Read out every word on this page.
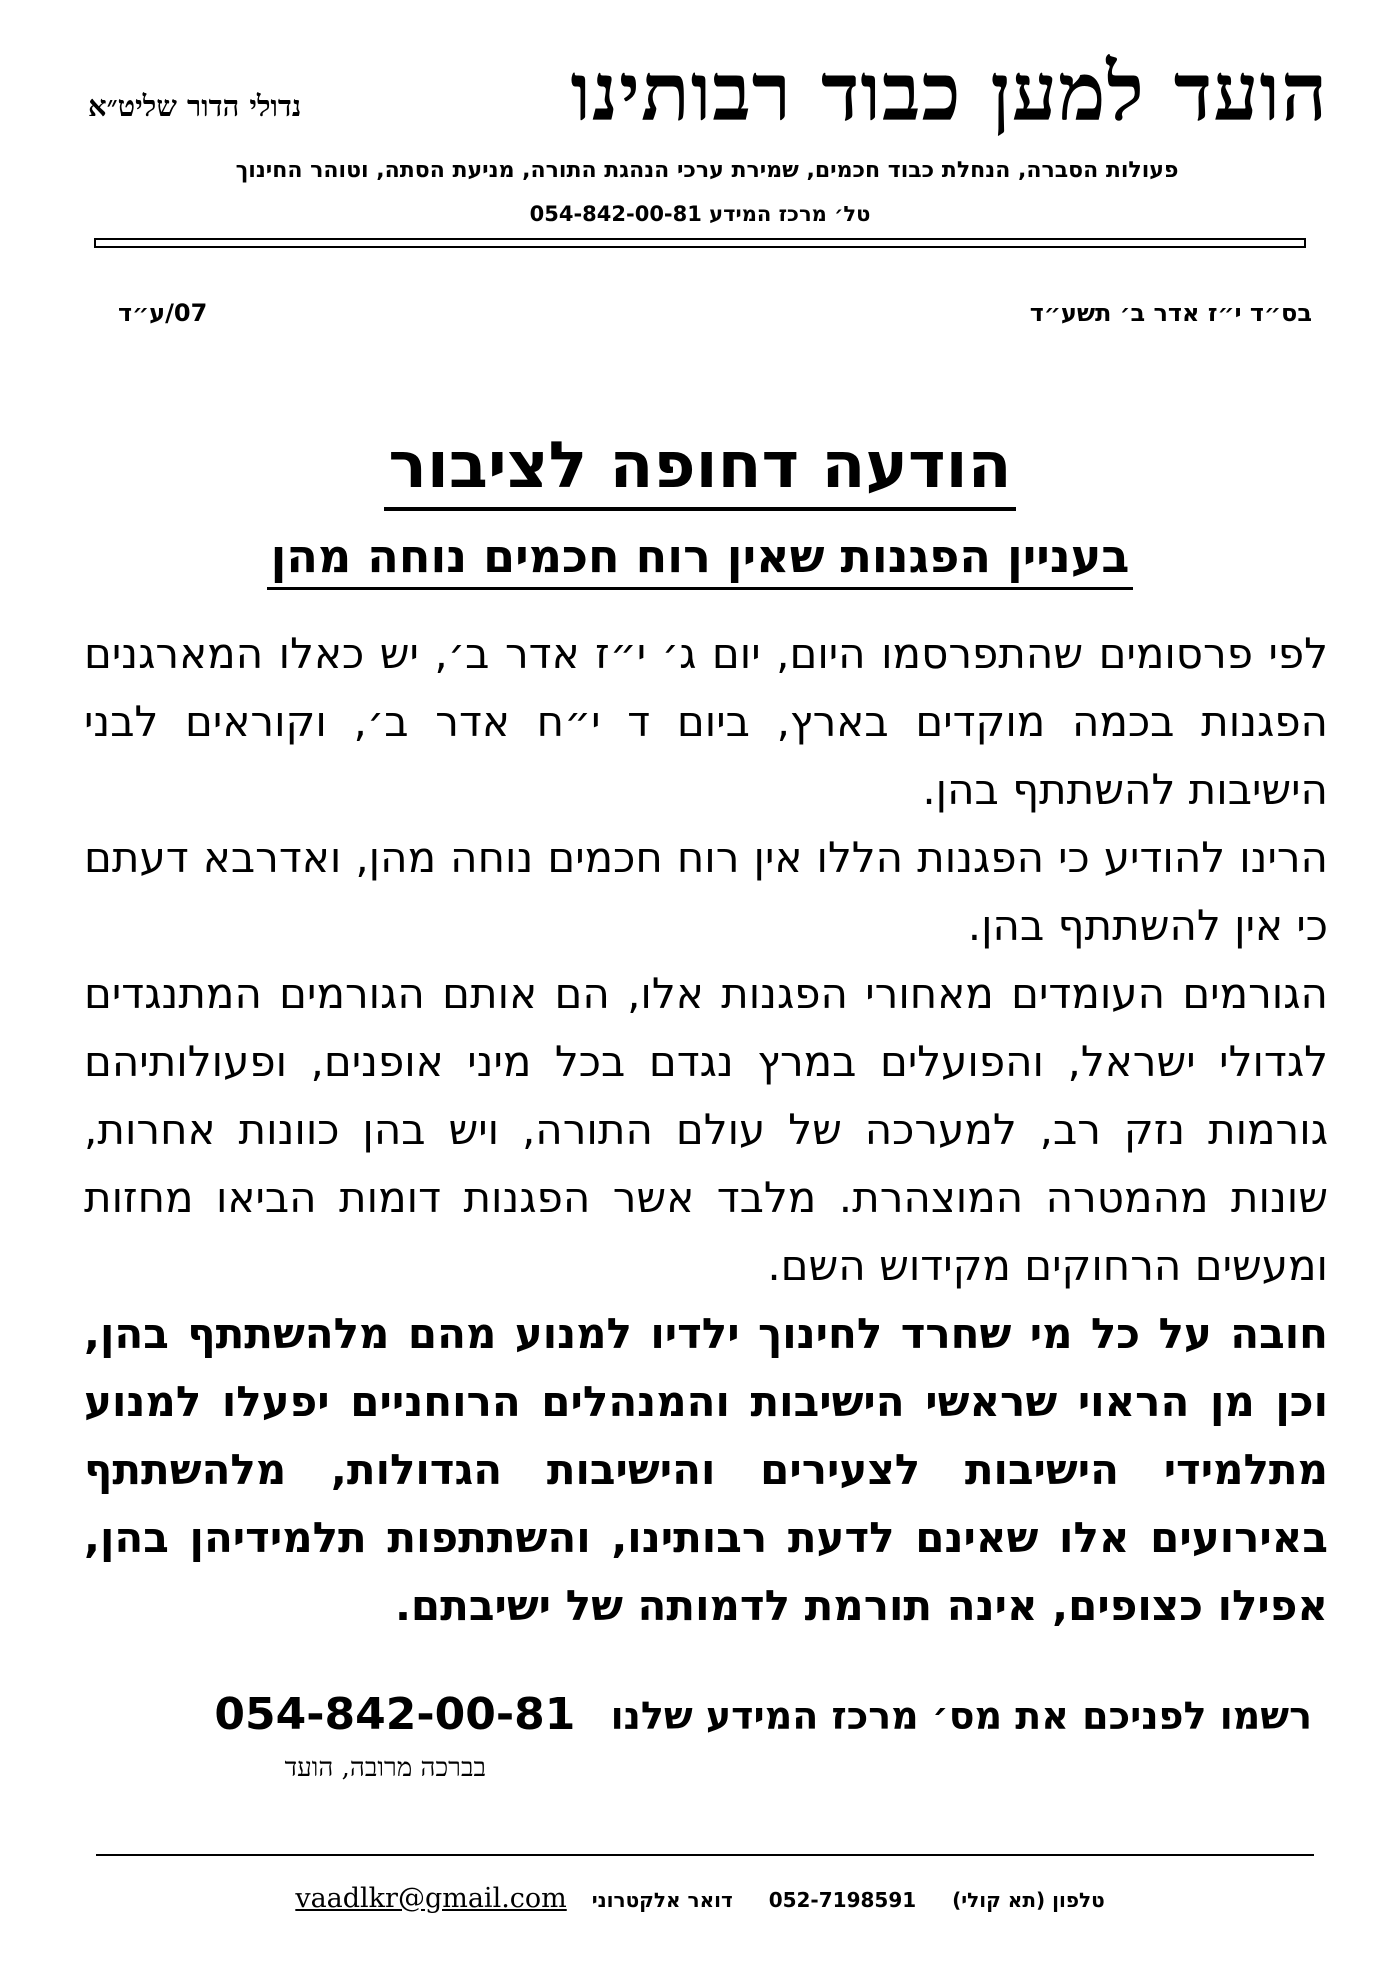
הועד למען כבוד רבותינו
נדולי הדור שליט״א
פעולות הסברה, הנחלת כבוד חכמים, שמירת ערכי הנהגת התורה, מניעת הסתה, וטוהר החינוך
טל׳ מרכז המידע 054-842-00-81
בס״ד י״ז אדר ב׳ תשע״ד
07/ע״ד
הודעה דחופה לציבור
בעניין הפגנות שאין רוח חכמים נוחה מהן

לפי פרסומים שהתפרסמו היום, יום ג׳ י״ז אדר ב׳, יש כאלו המארגנים הפגנות בכמה מוקדים בארץ, ביום ד י״ח אדר ב׳, וקוראים לבני הישיבות להשתתף בהן.

הרינו להודיע כי הפגנות הללו אין רוח חכמים נוחה מהן, ואדרבא דעתם כי אין להשתתף בהן.

הגורמים העומדים מאחורי הפגנות אלו, הם אותם הגורמים המתנגדים לגדולי ישראל, והפועלים במרץ נגדם בכל מיני אופנים, ופעולותיהם גורמות נזק רב, למערכה של עולם התורה, ויש בהן כוונות אחרות, שונות מהמטרה המוצהרת. מלבד אשר הפגנות דומות הביאו מחזות ומעשים הרחוקים מקידוש השם.

חובה על כל מי שחרד לחינוך ילדיו למנוע מהם מלהשתתף בהן, וכן מן הראוי שראשי הישיבות והמנהלים הרוחניים יפעלו למנוע מתלמידי הישיבות לצעירים והישיבות הגדולות, מלהשתתף באירועים אלו שאינם לדעת רבותינו, והשתתפות תלמידיהן בהן, אפילו כצופים, אינה תורמת לדמותה של ישיבתם.

רשמו לפניכם את מס׳ מרכז המידע שלנו 054-842-00-81
בברכה מרובה, הועד
טלפון (תא קולי)  052-7198591  דואר אלקטרוני vaadlkr@gmail.com
